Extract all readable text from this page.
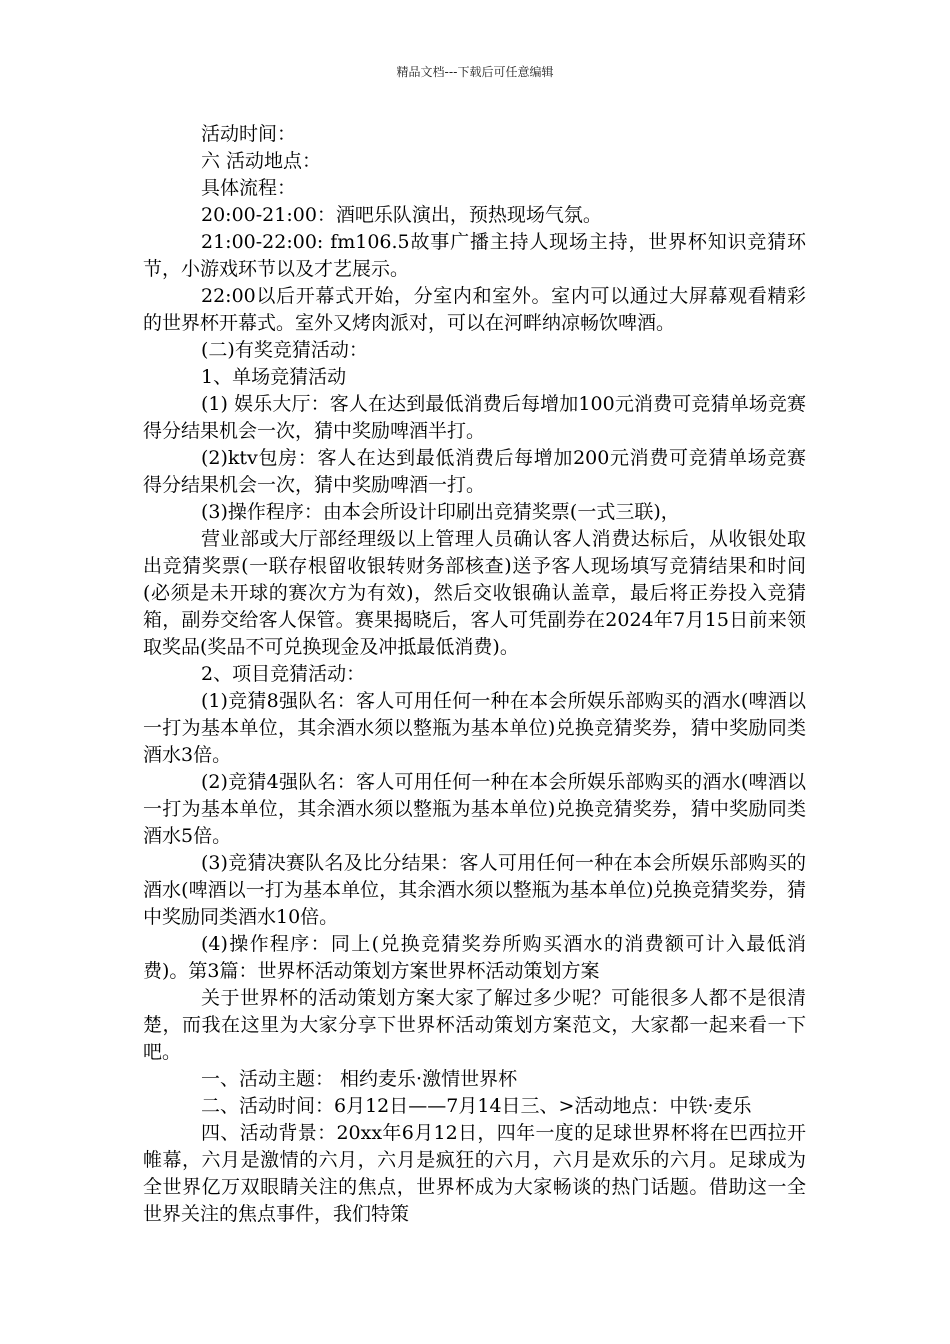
精品文档---下载后可任意编辑

活动时间：

六 活动地点：

具体流程：

20:00-21:00：酒吧乐队演出，预热现场气氛。

21:00-22:00: fm106.5故事广播主持人现场主持，世界杯知识竞猜环节，小游戏环节以及才艺展示。

22:00以后开幕式开始，分室内和室外。室内可以通过大屏幕观看精彩的世界杯开幕式。室外又烤肉派对，可以在河畔纳凉畅饮啤酒。

(二)有奖竞猜活动：

1、单场竞猜活动

(1) 娱乐大厅：客人在达到最低消费后每增加100元消费可竞猜单场竞赛得分结果机会一次，猜中奖励啤酒半打。

(2)ktv包房：客人在达到最低消费后每增加200元消费可竞猜单场竞赛得分结果机会一次，猜中奖励啤酒一打。

(3)操作程序：由本会所设计印刷出竞猜奖票(一式三联)，

营业部或大厅部经理级以上管理人员确认客人消费达标后，从收银处取出竞猜奖票(一联存根留收银转财务部核查)送予客人现场填写竞猜结果和时间(必须是未开球的赛次方为有效)，然后交收银确认盖章，最后将正券投入竞猜箱，副券交给客人保管。赛果揭晓后，客人可凭副券在2024年7月15日前来领取奖品(奖品不可兑换现金及冲抵最低消费)。

2、项目竞猜活动：

(1)竞猜8强队名：客人可用任何一种在本会所娱乐部购买的酒水(啤酒以一打为基本单位，其余酒水须以整瓶为基本单位)兑换竞猜奖券，猜中奖励同类酒水3倍。

(2)竞猜4强队名：客人可用任何一种在本会所娱乐部购买的酒水(啤酒以一打为基本单位，其余酒水须以整瓶为基本单位)兑换竞猜奖券，猜中奖励同类酒水5倍。

(3)竞猜决赛队名及比分结果：客人可用任何一种在本会所娱乐部购买的酒水(啤酒以一打为基本单位，其余酒水须以整瓶为基本单位)兑换竞猜奖券，猜中奖励同类酒水10倍。

(4)操作程序：同上(兑换竞猜奖券所购买酒水的消费额可计入最低消费)。第3篇：世界杯活动策划方案世界杯活动策划方案

关于世界杯的活动策划方案大家了解过多少呢？可能很多人都不是很清楚，而我在这里为大家分享下世界杯活动策划方案范文，大家都一起来看一下吧。

一、活动主题： 相约麦乐·激情世界杯

二、活动时间：6月12日——7月14日三、>活动地点：中铁·麦乐

四、活动背景：20xx年6月12日，四年一度的足球世界杯将在巴西拉开帷幕，六月是激情的六月，六月是疯狂的六月，六月是欢乐的六月。足球成为全世界亿万双眼睛关注的焦点，世界杯成为大家畅谈的热门话题。借助这一全世界关注的焦点事件，我们特策
